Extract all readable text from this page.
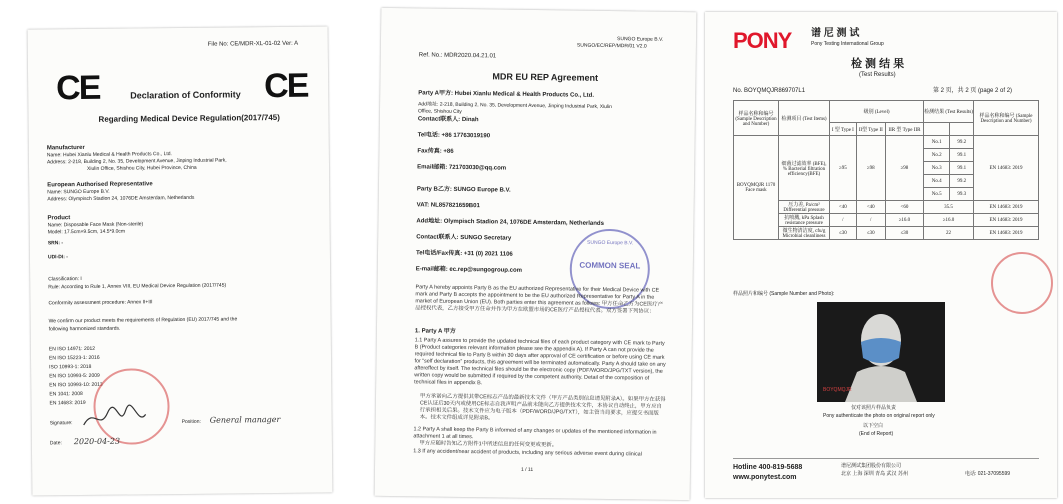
File No: CE/MDR-XL-01-02 Ver: A
CE	CE
Declaration of Conformity
Regarding Medical Device Regulation(2017/745)
Manufacturer
Name: Hubei Xianlu Medical & Health Products Co., Ltd.
Address: 2-218, Building 2, No. 35, Development Avenue, Jinping Industrial Park,
Xiulin Office, Shishou City, Hubei Province, China
European Authorised Representative
Name: SUNGO Europe B.V.
Address: Olympisch Stadion 24, 1076DE Amsterdam, Netherlands
Product
Name: Disposable Face Mask (Non-sterile)
Model: 17.5cm×9.5cm, 14.5*9.0cm
SRN: -
UDI-DI: -
Classification: I
Rule: According to Rule 1, Annex VIII, EU Medical Device Regulation (2017/745)
Conformity assessment procedure: Annex II+III
We confirm our product meets the requirements of Regulation (EU) 2017/745 and the
following harmonized standards.
EN ISO 14971: 2012
EN ISO 15223-1: 2016
ISO 10993-1: 2018
EN ISO 10993-5: 2009
EN ISO 10993-10: 2013
EN 1041: 2008
EN 14683: 2019
Signature:	Position: General manager
Date: 2020-04-23
SUNGO Europe B.V.
SUNGO/EC/REP/MDR/01 V2.0
Ref. No.: MDR2020.04.21.01
MDR EU REP Agreement
Party A甲方: Hubei Xianlu Medical & Health Products Co., Ltd.
Add地址: 2-218, Building 2, No. 35, Development Avenue, Jinping Industrial Park, Xiulin
Office, Shishou City
Contact联系人: Dinah
Tel电话: +86 17763019190
Fax传真: +86
Email邮箱: 721703030@qq.com
Party B乙方: SUNGO Europe B.V.
VAT: NL857821659B01
Add地址: Olympisch Stadion 24, 1076DE Amsterdam, Netherlands
Contact联系人: SUNGO Secretary
Tel电话/Fax传真: +31 (0) 2021 1106
E-mail邮箱: ec.rep@sungogroup.com
SUNGO Europe B.V.
COMMON SEAL
Party A hereby appoints Party B as the EU authorized Representative for their Medical Device with CE mark and Party B accepts the appointment to be the EU authorized Representative for Party A in the market of European Union (EU). Both parties enter this agreement as follows: 甲方任命乙方为CE医疗产品授权代表，乙方接受甲方任命并作为甲方在欧盟市场的CE医疗产品授权代表。双方签署下列协议：
1. Party A 甲方
1.1 Party A assures to provide the updated technical files of each product category with CE mark to Party B (Product categories relevant information please see the appendix A). If Party A can not provide the required technical file to Party B within 30 days after approval of CE certification or before using CE mark for “self declaration” products, this agreement will be terminated automatically. Party A should take on any aftereffect by itself. The technical files should be the electronic copy (PDF/WORD/JPG/TXT version), the written copy would be submitted if required by the competent authority. Detail of the composition of technical files in appendix B.
甲方承诺向乙方提供其带CE标志产品的最新技术文件（甲方产品类别信息请见附录A）。如果甲方在获得CE认证后30天内或使用CE标志自我声明产品前未能向乙方提供技术文件，本协议自动终止，甲方应自行承担相关后果。技术文件应为电子版本（PDF/WORD/JPG/TXT），如主管当局要求，应提交书面版本。技术文件组成详见附录B。
1.2 Party A shall keep the Party B informed of any changes or updates of the mentioned information in attachment 1 at all times.
甲方应随时告知乙方附件1中所述信息的任何变更或更新。
1.3 If any accident/near accident of products, including any serious adverse event during clinical
1 / 11
PONY 谱 尼 测 试
Pony Testing International Group
检 测 结 果
(Test Results)
No. BOYQMQJR869707L1	第 2 页，共 2 页 (page 2 of 2)
样品名称和编号 (Sample Description and Number)	检测项目 (Test Items)	级别 (Level)			检测结果 (Test Results)		样品名称和编号 (Sample Description and Number)
		I 型 Type I	II型 Type II	IIR 型 Type IIR			
BOYQMQJR 1170 Face mask	细菌过滤效率 (BFE), % Bacterial filtration efficiency(BFE)	≥95	≥98	≥98	No.1	99.2	EN 14683: 2019
					No.2	99.1	
					No.3	99.1	
					No.4	99.2	
					No.5	99.3	
	压力差, Pa/cm² Differential pressure	<40	<40	<60	35.5		EN 14683: 2019
	抗喷溅, kPa Splash resistance pressure	/	/	≥16.0	≥16.0		EN 14683: 2019
	微生物清洁度, cfu/g Microbial cleanliness	≤30	≤30	≤30	22		EN 14683: 2019
样品照片和编号 (Sample Number and Photo):
BOYQMQJR
仅对该照片样品负责
Pony authenticate the photo on original report only
以下空白
(End of Report)
Hotline 400-819-5688
www.ponytest.com
谱尼测试集团股份有限公司
北京 上海 深圳 青岛 武汉 苏州	电话: 021-37095599
